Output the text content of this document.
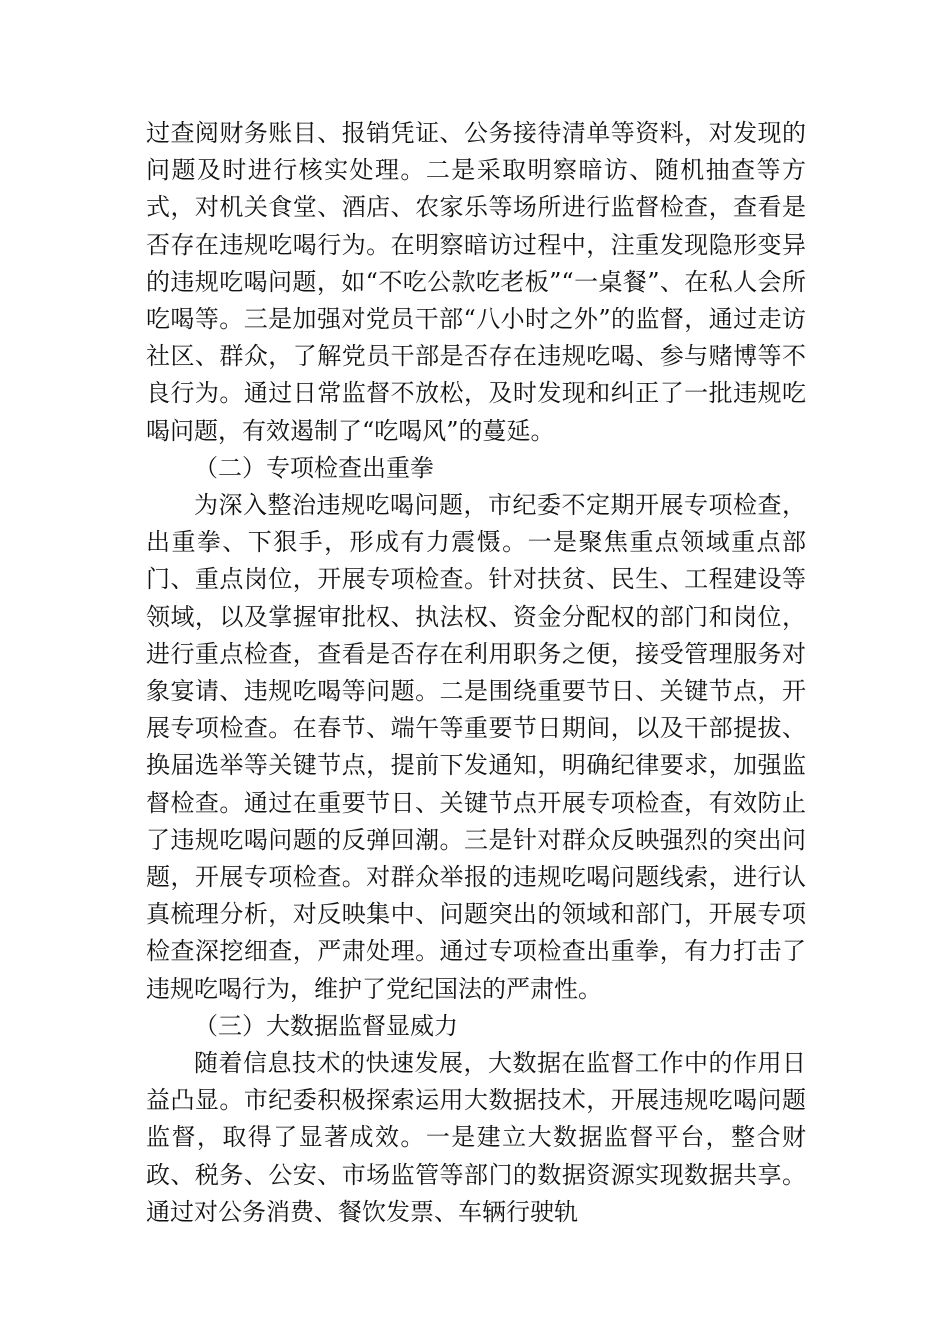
过查阅财务账目、报销凭证、公务接待清单等资料，对发现的问题及时进行核实处理。二是采取明察暗访、随机抽查等方式，对机关食堂、酒店、农家乐等场所进行监督检查，查看是否存在违规吃喝行为。在明察暗访过程中，注重发现隐形变异的违规吃喝问题，如“不吃公款吃老板”“一桌餐”、在私人会所吃喝等。三是加强对党员干部“八小时之外”的监督，通过走访社区、群众，了解党员干部是否存在违规吃喝、参与赌博等不良行为。通过日常监督不放松，及时发现和纠正了一批违规吃喝问题，有效遏制了“吃喝风”的蔓延。

（二）专项检查出重拳

为深入整治违规吃喝问题，市纪委不定期开展专项检查，出重拳、下狠手，形成有力震慑。一是聚焦重点领域重点部门、重点岗位，开展专项检查。针对扶贫、民生、工程建设等领域，以及掌握审批权、执法权、资金分配权的部门和岗位，进行重点检查，查看是否存在利用职务之便，接受管理服务对象宴请、违规吃喝等问题。二是围绕重要节日、关键节点，开展专项检查。在春节、端午等重要节日期间，以及干部提拔、换届选举等关键节点，提前下发通知，明确纪律要求，加强监督检查。通过在重要节日、关键节点开展专项检查，有效防止了违规吃喝问题的反弹回潮。三是针对群众反映强烈的突出问题，开展专项检查。对群众举报的违规吃喝问题线索，进行认真梳理分析，对反映集中、问题突出的领域和部门，开展专项检查深挖细查，严肃处理。通过专项检查出重拳，有力打击了违规吃喝行为，维护了党纪国法的严肃性。

（三）大数据监督显威力

随着信息技术的快速发展，大数据在监督工作中的作用日益凸显。市纪委积极探索运用大数据技术，开展违规吃喝问题监督，取得了显著成效。一是建立大数据监督平台，整合财政、税务、公安、市场监管等部门的数据资源实现数据共享。通过对公务消费、餐饮发票、车辆行驶轨
